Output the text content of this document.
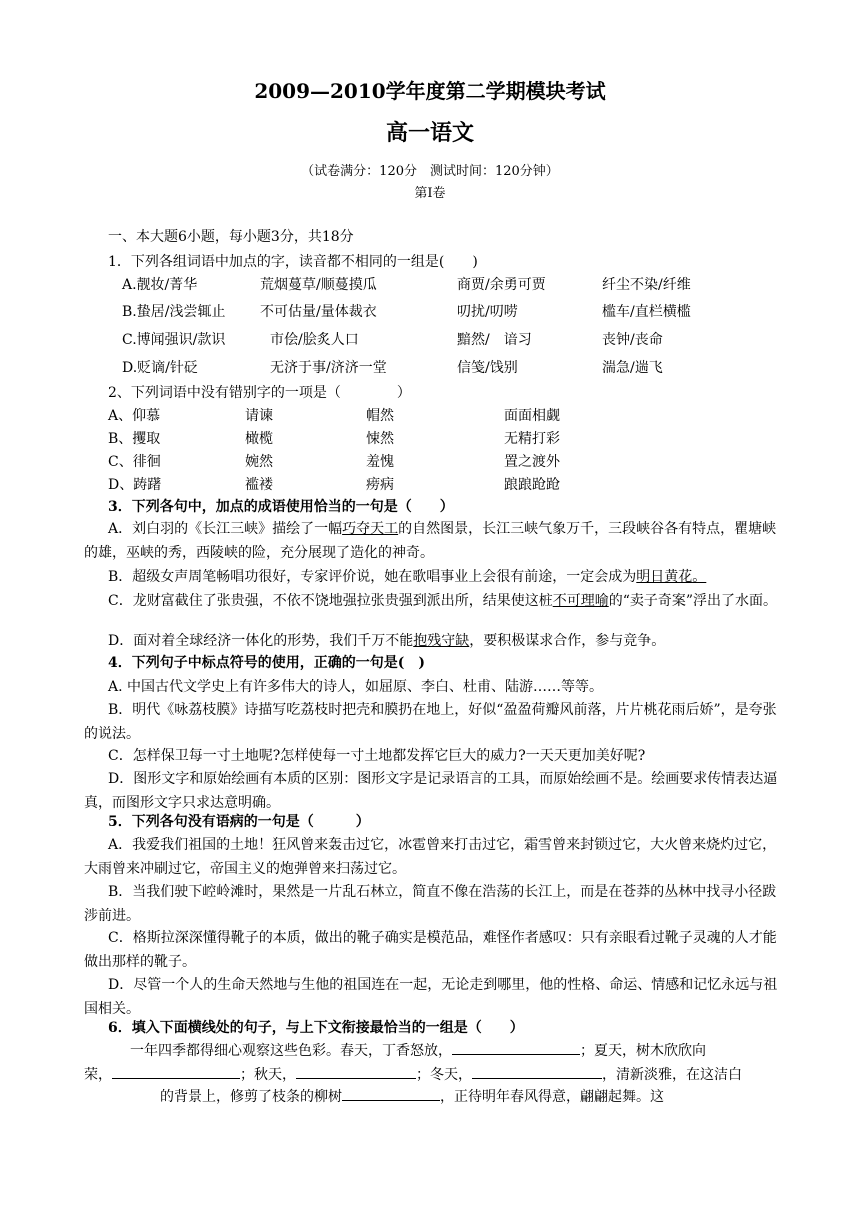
2009—2010学年度第二学期模块考试
高一语文
（试卷满分：120分　测试时间：120分钟）
第Ⅰ卷
一、本大题6小题，每小题3分，共18分
1．下列各组词语中加点的字，读音都不相同的一组是(　　)
A.靓妆/菁华	荒烟蔓草/顺蔓摸瓜	商贾/余勇可贾	纤尘不染/纤维
B.蛰居/浅尝辄止 不可估量/量体裁衣	叨扰/叨唠	槛车/直栏横槛
C.博闻强识/款识	市侩/脍炙人口	黯然/　谙习	丧钟/丧命
D.贬谪/针砭	无济于事/济济一堂	信笺/饯别	湍急/遄飞
2、下列词语中没有错别字的一项是（　　　　）
A、仰慕	请谏	帽然	面面相觑
B、攫取	橄榄	悚然	无精打彩
C、徘徊	婉然	羞愧	置之渡外
D、踌躇	褴褛	痨病	踉踉跄跄
3．下列各句中，加点的成语使用恰当的一句是（　　）
A．刘白羽的《长江三峡》描绘了一幅巧夺天工的自然图景，长江三峡气象万千，三段峡谷各有特点，瞿塘峡的雄，巫峡的秀，西陵峡的险，充分展现了造化的神奇。
B．超级女声周笔畅唱功很好，专家评价说，她在歌唱事业上会很有前途，一定会成为明日黄花。
C．龙财富截住了张贵强，不依不饶地强拉张贵强到派出所，结果使这桩不可理喻的“卖子奇案”浮出了水面。
D．面对着全球经济一体化的形势，我们千万不能抱残守缺，要积极谋求合作，参与竞争。
4．下列句子中标点符号的使用，正确的一句是(　)
A. 中国古代文学史上有许多伟大的诗人，如屈原、李白、杜甫、陆游……等等。
B．明代《咏荔枝膜》诗描写吃荔枝时把壳和膜扔在地上，好似“盈盈荷瓣风前落，片片桃花雨后娇”，是夸张的说法。
C．怎样保卫每一寸土地呢?怎样使每一寸土地都发挥它巨大的威力?一天天更加美好呢?
D．图形文字和原始绘画有本质的区别：图形文字是记录语言的工具，而原始绘画不是。绘画要求传情表达逼真，而图形文字只求达意明确。
5．下列各句没有语病的一句是（　　　）
A．我爱我们祖国的土地！狂风曾来轰击过它，冰雹曾来打击过它，霜雪曾来封锁过它，大火曾来烧灼过它，大雨曾来冲刷过它，帝国主义的炮弹曾来扫荡过它。
B．当我们驶下崆岭滩时，果然是一片乱石林立，简直不像在浩荡的长江上，而是在苍莽的丛林中找寻小径跋涉前进。
C．格斯拉深深懂得靴子的本质，做出的靴子确实是模范品，难怪作者感叹：只有亲眼看过靴子灵魂的人才能做出那样的靴子。
D．尽管一个人的生命天然地与生他的祖国连在一起，无论走到哪里，他的性格、命运、情感和记忆永远与祖国相关。
6．填入下面横线处的句子，与上下文衔接最恰当的一组是（　　）
一年四季都得细心观察这些色彩。春天，丁香怒放，	；夏天，树木欣欣向
荣，	；秋天，	；冬天，	，清新淡雅，在这洁白
的背景上，修剪了枝条的柳树	，正待明年春风得意，翩翩起舞。这
